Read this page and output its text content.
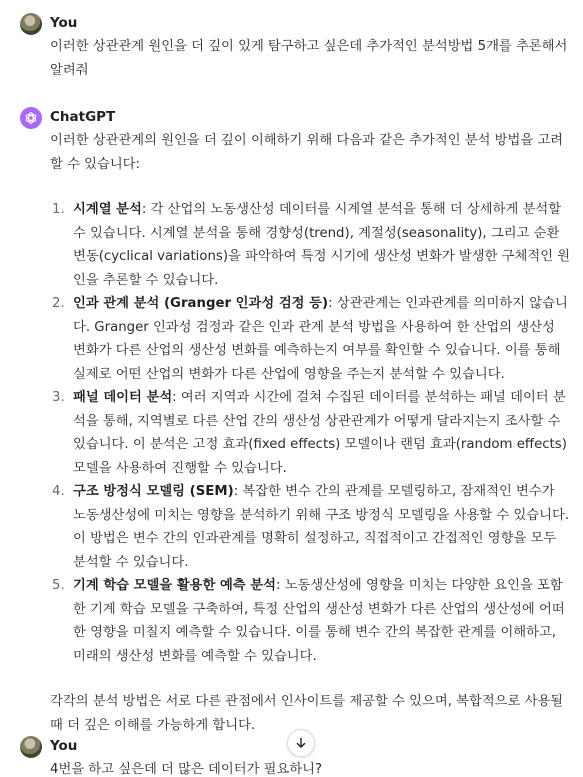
You

이러한 상관관계 원인을 더 깊이 있게 탐구하고 싶은데 추가적인 분석방법 5개를 추론해서 알려줘

ChatGPT

이러한 상관관계의 원인을 더 깊이 이해하기 위해 다음과 같은 추가적인 분석 방법을 고려할 수 있습니다:

1. 시계열 분석: 각 산업의 노동생산성 데이터를 시계열 분석을 통해 더 상세하게 분석할 수 있습니다. 시계열 분석을 통해 경향성(trend), 계절성(seasonality), 그리고 순환 변동(cyclical variations)을 파악하여 특정 시기에 생산성 변화가 발생한 구체적인 원인을 추론할 수 있습니다.
2. 인과 관계 분석 (Granger 인과성 검정 등): 상관관계는 인과관계를 의미하지 않습니다. Granger 인과성 검정과 같은 인과 관계 분석 방법을 사용하여 한 산업의 생산성 변화가 다른 산업의 생산성 변화를 예측하는지 여부를 확인할 수 있습니다. 이를 통해 실제로 어떤 산업의 변화가 다른 산업에 영향을 주는지 분석할 수 있습니다.
3. 패널 데이터 분석: 여러 지역과 시간에 걸쳐 수집된 데이터를 분석하는 패널 데이터 분석을 통해, 지역별로 다른 산업 간의 생산성 상관관계가 어떻게 달라지는지 조사할 수 있습니다. 이 분석은 고정 효과(fixed effects) 모델이나 랜덤 효과(random effects) 모델을 사용하여 진행할 수 있습니다.
4. 구조 방정식 모델링 (SEM): 복잡한 변수 간의 관계를 모델링하고, 잠재적인 변수가 노동생산성에 미치는 영향을 분석하기 위해 구조 방정식 모델링을 사용할 수 있습니다. 이 방법은 변수 간의 인과관계를 명확히 설정하고, 직접적이고 간접적인 영향을 모두 분석할 수 있습니다.
5. 기계 학습 모델을 활용한 예측 분석: 노동생산성에 영향을 미치는 다양한 요인을 포함한 기계 학습 모델을 구축하여, 특정 산업의 생산성 변화가 다른 산업의 생산성에 어떠한 영향을 미칠지 예측할 수 있습니다. 이를 통해 변수 간의 복잡한 관계를 이해하고, 미래의 생산성 변화를 예측할 수 있습니다.

각각의 분석 방법은 서로 다른 관점에서 인사이트를 제공할 수 있으며, 복합적으로 사용될 때 더 깊은 이해를 가능하게 합니다.

You

4번을 하고 싶은데 더 많은 데이터가 필요하니?
